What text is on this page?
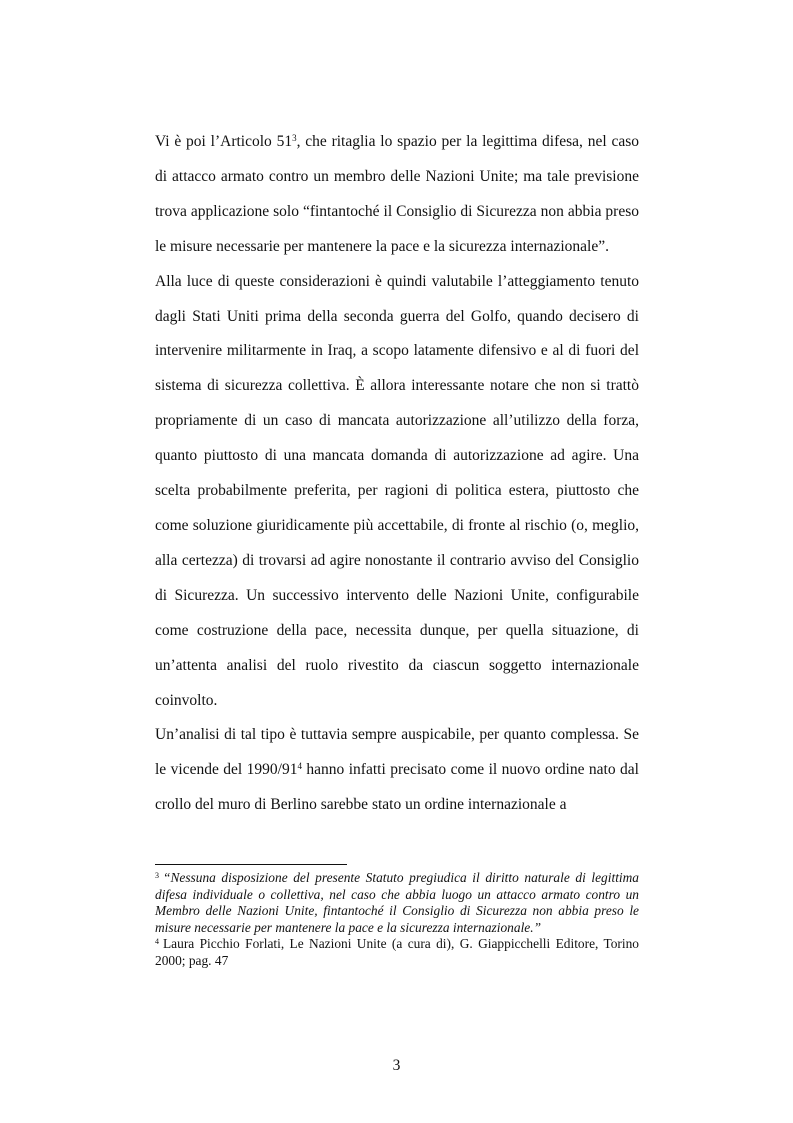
Vi è poi l’Articolo $51^3$, che ritaglia lo spazio per la legittima difesa, nel caso di attacco armato contro un membro delle Nazioni Unite; ma tale previsione trova applicazione solo “fintantoché il Consiglio di Sicurezza non abbia preso le misure necessarie per mantenere la pace e la sicurezza internazionale”.

Alla luce di queste considerazioni è quindi valutabile l’atteggiamento tenuto dagli Stati Uniti prima della seconda guerra del Golfo, quando decisero di intervenire militarmente in Iraq, a scopo latamente difensivo e al di fuori del sistema di sicurezza collettiva. È allora interessante notare che non si trattò propriamente di un caso di mancata autorizzazione all’utilizzo della forza, quanto piuttosto di una mancata domanda di autorizzazione ad agire. Una scelta probabilmente preferita, per ragioni di politica estera, piuttosto che come soluzione giuridicamente più accettabile, di fronte al rischio (o, meglio, alla certezza) di trovarsi ad agire nonostante il contrario avviso del Consiglio di Sicurezza. Un successivo intervento delle Nazioni Unite, configurabile come costruzione della pace, necessita dunque, per quella situazione, di un’attenta analisi del ruolo rivestito da ciascun soggetto internazionale coinvolto.

Un’analisi di tal tipo è tuttavia sempre auspicabile, per quanto complessa. Se le vicende del $1990/91^4$ hanno infatti precisato come il nuovo ordine nato dal crollo del muro di Berlino sarebbe stato un ordine internazionale a

$^3$ “Nessuna disposizione del presente Statuto pregiudica il diritto naturale di legittima difesa individuale o collettiva, nel caso che abbia luogo un attacco armato contro un Membro delle Nazioni Unite, fintantoché il Consiglio di Sicurezza non abbia preso le misure necessarie per mantenere la pace e la sicurezza internazionale.”

$^4$ Laura Picchio Forlati, Le Nazioni Unite (a cura di), G. Giappicchelli Editore, Torino 2000; pag. 47

3
